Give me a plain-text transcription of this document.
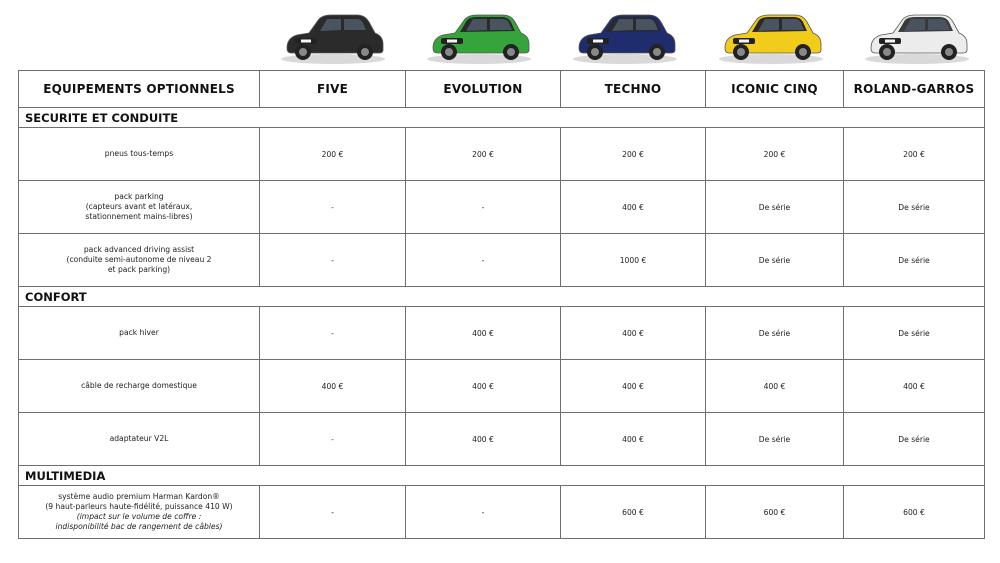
EQUIPEMENTS OPTIONNELS	FIVE	EVOLUTION	TECHNO	ICONIC CINQ	ROLAND-GARROS
SECURITE ET CONDUITE					

pneus tous-temps	200 €	200 €	200 €	200 €	200 €

pack parking
(capteurs avant et latéraux,
stationnement mains-libres)	-	-	400 €	De série	De série

pack advanced driving assist
(conduite semi-autonome de niveau 2
et pack parking)	-	-	1000 €	De série	De série
CONFORT					

pack hiver	-	400 €	400 €	De série	De série

câble de recharge domestique	400 €	400 €	400 €	400 €	400 €

adaptateur V2L	-	400 €	400 €	De série	De série
MULTIMEDIA					

système audio premium Harman Kardon®
(9 haut-parleurs haute-fidélité, puissance 410 W)
(impact sur le volume de coffre :
indisponibilité bac de rangement de câbles)	-	-	600 €	600 €	600 €
